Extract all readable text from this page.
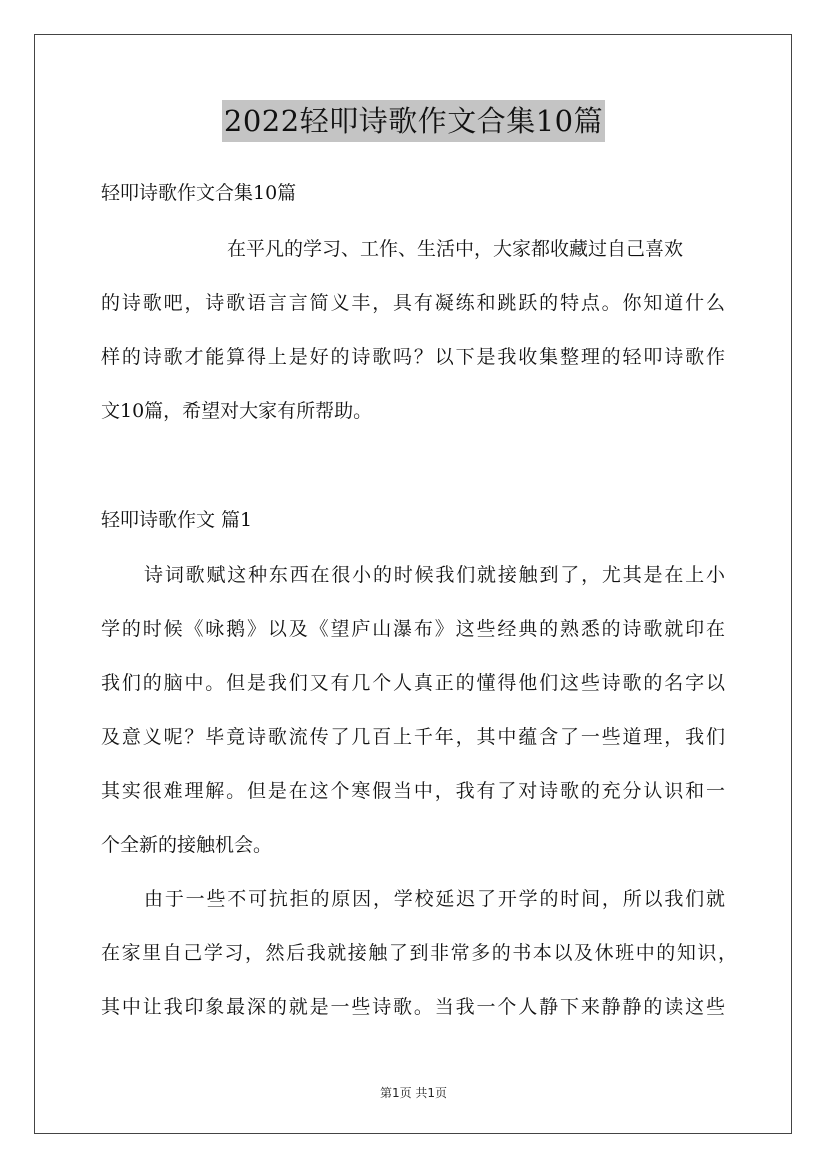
2022轻叩诗歌作文合集10篇
轻叩诗歌作文合集10篇
在平凡的学习、工作、生活中，大家都收藏过自己喜欢
的诗歌吧，诗歌语言言简义丰，具有凝练和跳跃的特点。你知道什么
样的诗歌才能算得上是好的诗歌吗？以下是我收集整理的轻叩诗歌作
文10篇，希望对大家有所帮助。
轻叩诗歌作文 篇1
诗词歌赋这种东西在很小的时候我们就接触到了，尤其是在上小
学的时候《咏鹅》以及《望庐山瀑布》这些经典的熟悉的诗歌就印在
我们的脑中。但是我们又有几个人真正的懂得他们这些诗歌的名字以
及意义呢？毕竟诗歌流传了几百上千年，其中蕴含了一些道理，我们
其实很难理解。但是在这个寒假当中，我有了对诗歌的充分认识和一
个全新的接触机会。
由于一些不可抗拒的原因，学校延迟了开学的时间，所以我们就
在家里自己学习，然后我就接触了到非常多的书本以及休班中的知识，
其中让我印象最深的就是一些诗歌。当我一个人静下来静静的读这些
第1页 共1页
